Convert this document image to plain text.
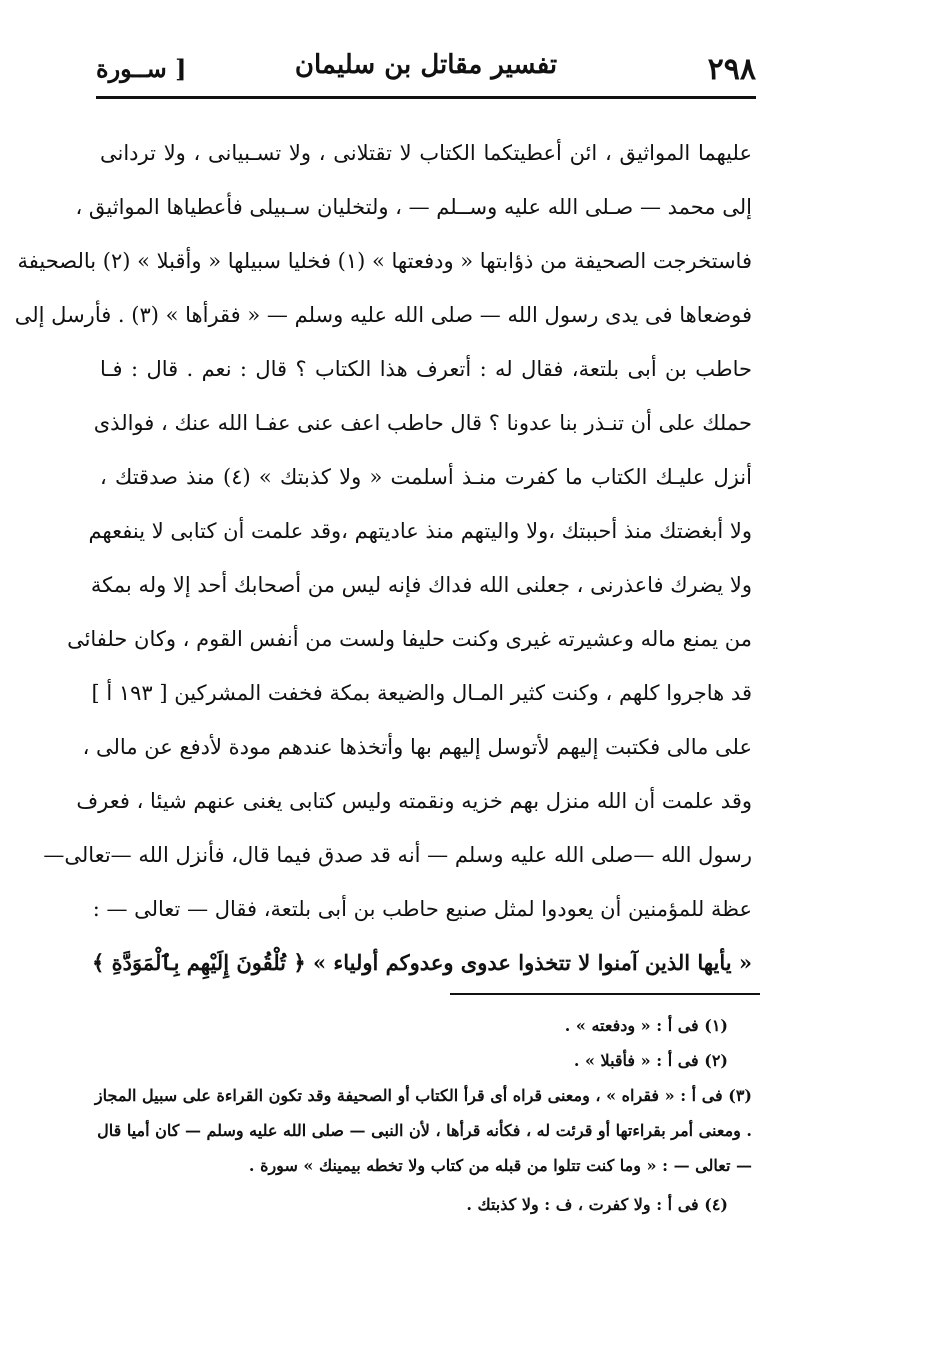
٢٩٨
تفسير مقاتل بن سليمان
[ ســورة
عليهما المواثيق ، ائن أعطيتكما الكتاب لا تقتلانى ، ولا تسـبيانى ، ولا تردانى
إلى محمد — صـلى الله عليه وســلم — ، ولتخليان سـبيلى فأعطياها المواثيق ،
فاستخرجت الصحيفة من ذؤابتها « ودفعتها » (١) فخليا سبيلها « وأقبلا » (٢) بالصحيفة
فوضعاها فى يدى رسول الله — صلى الله عليه وسلم — « فقرأها » (٣) . فأرسل إلى
حاطب بن أبى بلتعة، فقال له : أتعرف هذا الكتاب ؟ قال : نعم . قال : فـا
حملك على أن تنـذر بنا عدونا ؟ قال حاطب اعف عنى عفـا الله عنك ، فوالذى
أنزل عليـك الكتاب ما كفرت منـذ أسلمت « ولا كذبتك » (٤) منذ صدقتك ،
ولا أبغضتك منذ أحببتك ،ولا واليتهم منذ عاديتهم ،وقد علمت أن كتابى لا ينفعهم
ولا يضرك فاعذرنى ، جعلنى الله فداك فإنه ليس من أصحابك أحد إلا وله بمكة
من يمنع ماله وعشيرته غيرى وكنت حليفا ولست من أنفس القوم ، وكان حلفائى
قد هاجروا كلهم ، وكنت كثير المـال والضيعة بمكة فخفت المشركين [ ١٩٣ أ ]
على مالى فكتبت إليهم لأتوسل إليهم بها وأتخذها عندهم مودة لأدفع عن مالى ،
وقد علمت أن الله منزل بهم خزيه ونقمته وليس كتابى يغنى عنهم شيئا ، فعرف
رسول الله —صلى الله عليه وسلم — أنه قد صدق فيما قال، فأنزل الله —تعالى—
عظة للمؤمنين أن يعودوا لمثل صنيع حاطب بن أبى بلتعة، فقال — تعالى — :
« يأيها الذين آمنوا لا تتخذوا عدوى وعدوكم أولياء » ﴿ تُلْقُونَ إِلَيْهِم بِٱلْمَوَدَّةِ ﴾
(١) فى أ : « ودفعته » .
(٢) فى أ : « فأقبلا » .
(٣) فى أ : « فقراه » ، ومعنى قراه أى قرأ الكتاب أو الصحيفة وقد تكون القراءة على سبيل المجاز
. ومعنى أمر بقراءتها أو قرئت له ، فكأنه قرأها ، لأن النبى — صلى الله عليه وسلم — كان أميا قال
— تعالى — : « وما كنت تتلوا من قبله من كتاب ولا تخطه بيمينك » سورة .
(٤) فى أ : ولا كفرت ، ف : ولا كذبتك .
